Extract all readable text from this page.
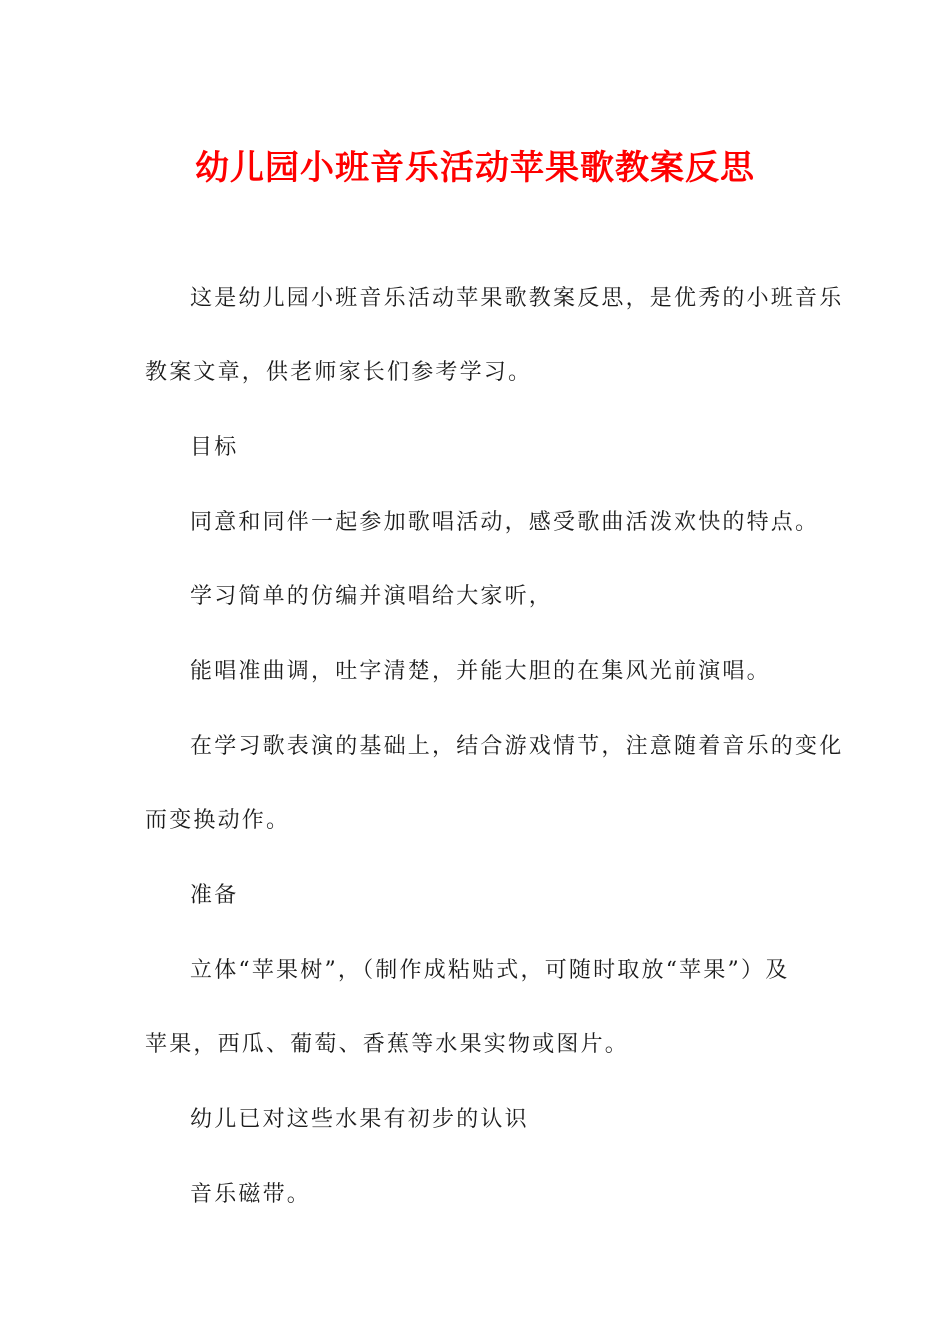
幼儿园小班音乐活动苹果歌教案反思
这是幼儿园小班音乐活动苹果歌教案反思，是优秀的小班音乐
教案文章，供老师家长们参考学习。
目标
同意和同伴一起参加歌唱活动，感受歌曲活泼欢快的特点。
学习简单的仿编并演唱给大家听，
能唱准曲调，吐字清楚，并能大胆的在集风光前演唱。
在学习歌表演的基础上，结合游戏情节，注意随着音乐的变化
而变换动作。
准备
立体“苹果树”，（制作成粘贴式，可随时取放“苹果”）及
苹果，西瓜、葡萄、香蕉等水果实物或图片。
幼儿已对这些水果有初步的认识
音乐磁带。
